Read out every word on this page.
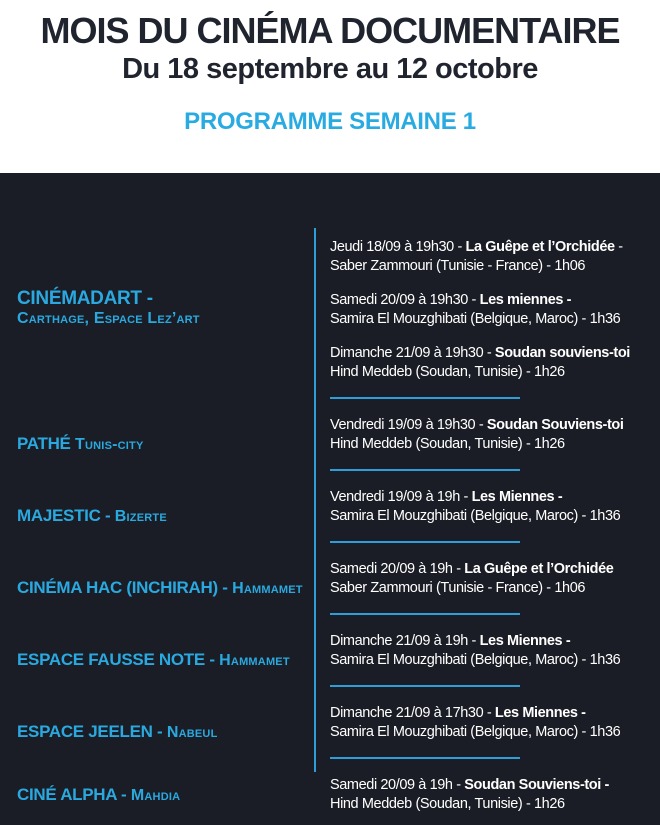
MOIS DU CINÉMA DOCUMENTAIRE
Du 18 septembre au 12 octobre
PROGRAMME SEMAINE 1
CINÉMADART -
Carthage, Espace Lez’art
Jeudi 18/09 à 19h30 - La Guêpe et l’Orchidée -
Saber Zammouri (Tunisie - France) - 1h06
Samedi 20/09 à 19h30 - Les miennes -
Samira El Mouzghibati (Belgique, Maroc) - 1h36
Dimanche 21/09 à 19h30 - Soudan souviens-toi
Hind Meddeb (Soudan, Tunisie) - 1h26
PATHÉ Tunis-city
Vendredi 19/09 à 19h30 - Soudan Souviens-toi
Hind Meddeb (Soudan, Tunisie) - 1h26
MAJESTIC - Bizerte
Vendredi 19/09 à 19h - Les Miennes -
Samira El Mouzghibati (Belgique, Maroc) - 1h36
CINÉMA HAC (INCHIRAH) - Hammamet
Samedi 20/09 à 19h - La Guêpe et l’Orchidée
Saber Zammouri (Tunisie - France) - 1h06
ESPACE FAUSSE NOTE - Hammamet
Dimanche 21/09 à 19h - Les Miennes -
Samira El Mouzghibati (Belgique, Maroc) - 1h36
ESPACE JEELEN - Nabeul
Dimanche 21/09 à 17h30 - Les Miennes -
Samira El Mouzghibati (Belgique, Maroc) - 1h36
CINÉ ALPHA - Mahdia
Samedi 20/09 à 19h - Soudan Souviens-toi -
Hind Meddeb (Soudan, Tunisie) - 1h26
